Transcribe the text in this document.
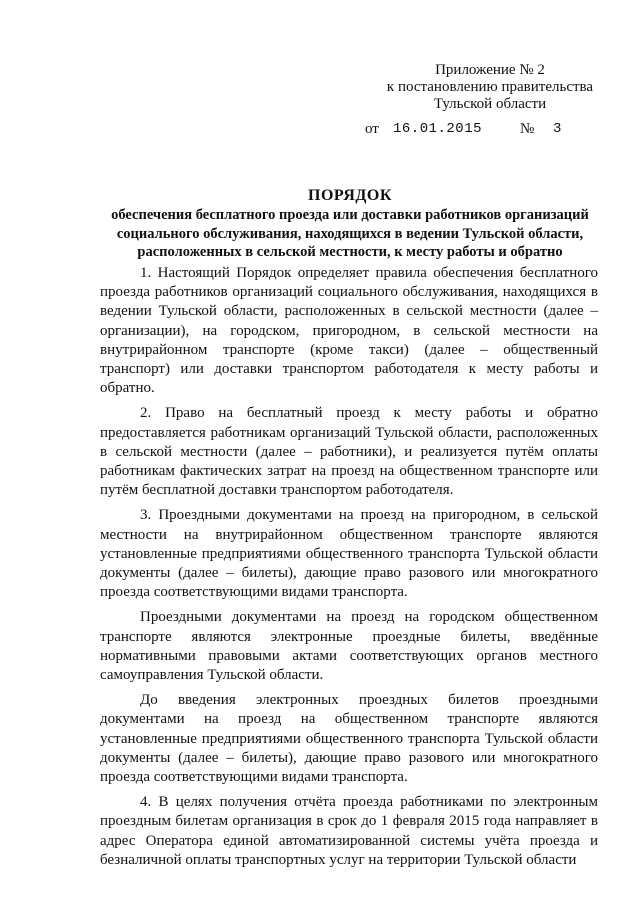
Приложение № 2
к постановлению правительства
Тульской области
от 16.01.2015	№ 3
ПОРЯДОК
обеспечения бесплатного проезда или доставки работников организаций
социального обслуживания, находящихся в ведении Тульской области,
расположенных в сельской местности, к месту работы и обратно

1. Настоящий Порядок определяет правила обеспечения бесплатного проезда работников организаций социального обслуживания, находящихся в ведении Тульской области, расположенных в сельской местности (далее – организации), на городском, пригородном, в сельской местности на внутрирайонном транспорте (кроме такси) (далее – общественный транспорт) или доставки транспортом работодателя к месту работы и обратно.

2. Право на бесплатный проезд к месту работы и обратно предоставляется работникам организаций Тульской области, расположенных в сельской местности (далее – работники), и реализуется путём оплаты работникам фактических затрат на проезд на общественном транспорте или путём бесплатной доставки транспортом работодателя.

3. Проездными документами на проезд на пригородном, в сельской местности на внутрирайонном общественном транспорте являются установленные предприятиями общественного транспорта Тульской области документы (далее – билеты), дающие право разового или многократного проезда соответствующими видами транспорта.

Проездными документами на проезд на городском общественном транспорте являются электронные проездные билеты, введённые нормативными правовыми актами соответствующих органов местного самоуправления Тульской области.

До введения электронных проездных билетов проездными документами на проезд на общественном транспорте являются установленные предприятиями общественного транспорта Тульской области документы (далее – билеты), дающие право разового или многократного проезда соответствующими видами транспорта.

4. В целях получения отчёта проезда работниками по электронным проездным билетам организация в срок до 1 февраля 2015 года направляет в адрес Оператора единой автоматизированной системы учёта проезда и безналичной оплаты транспортных услуг на территории Тульской области
